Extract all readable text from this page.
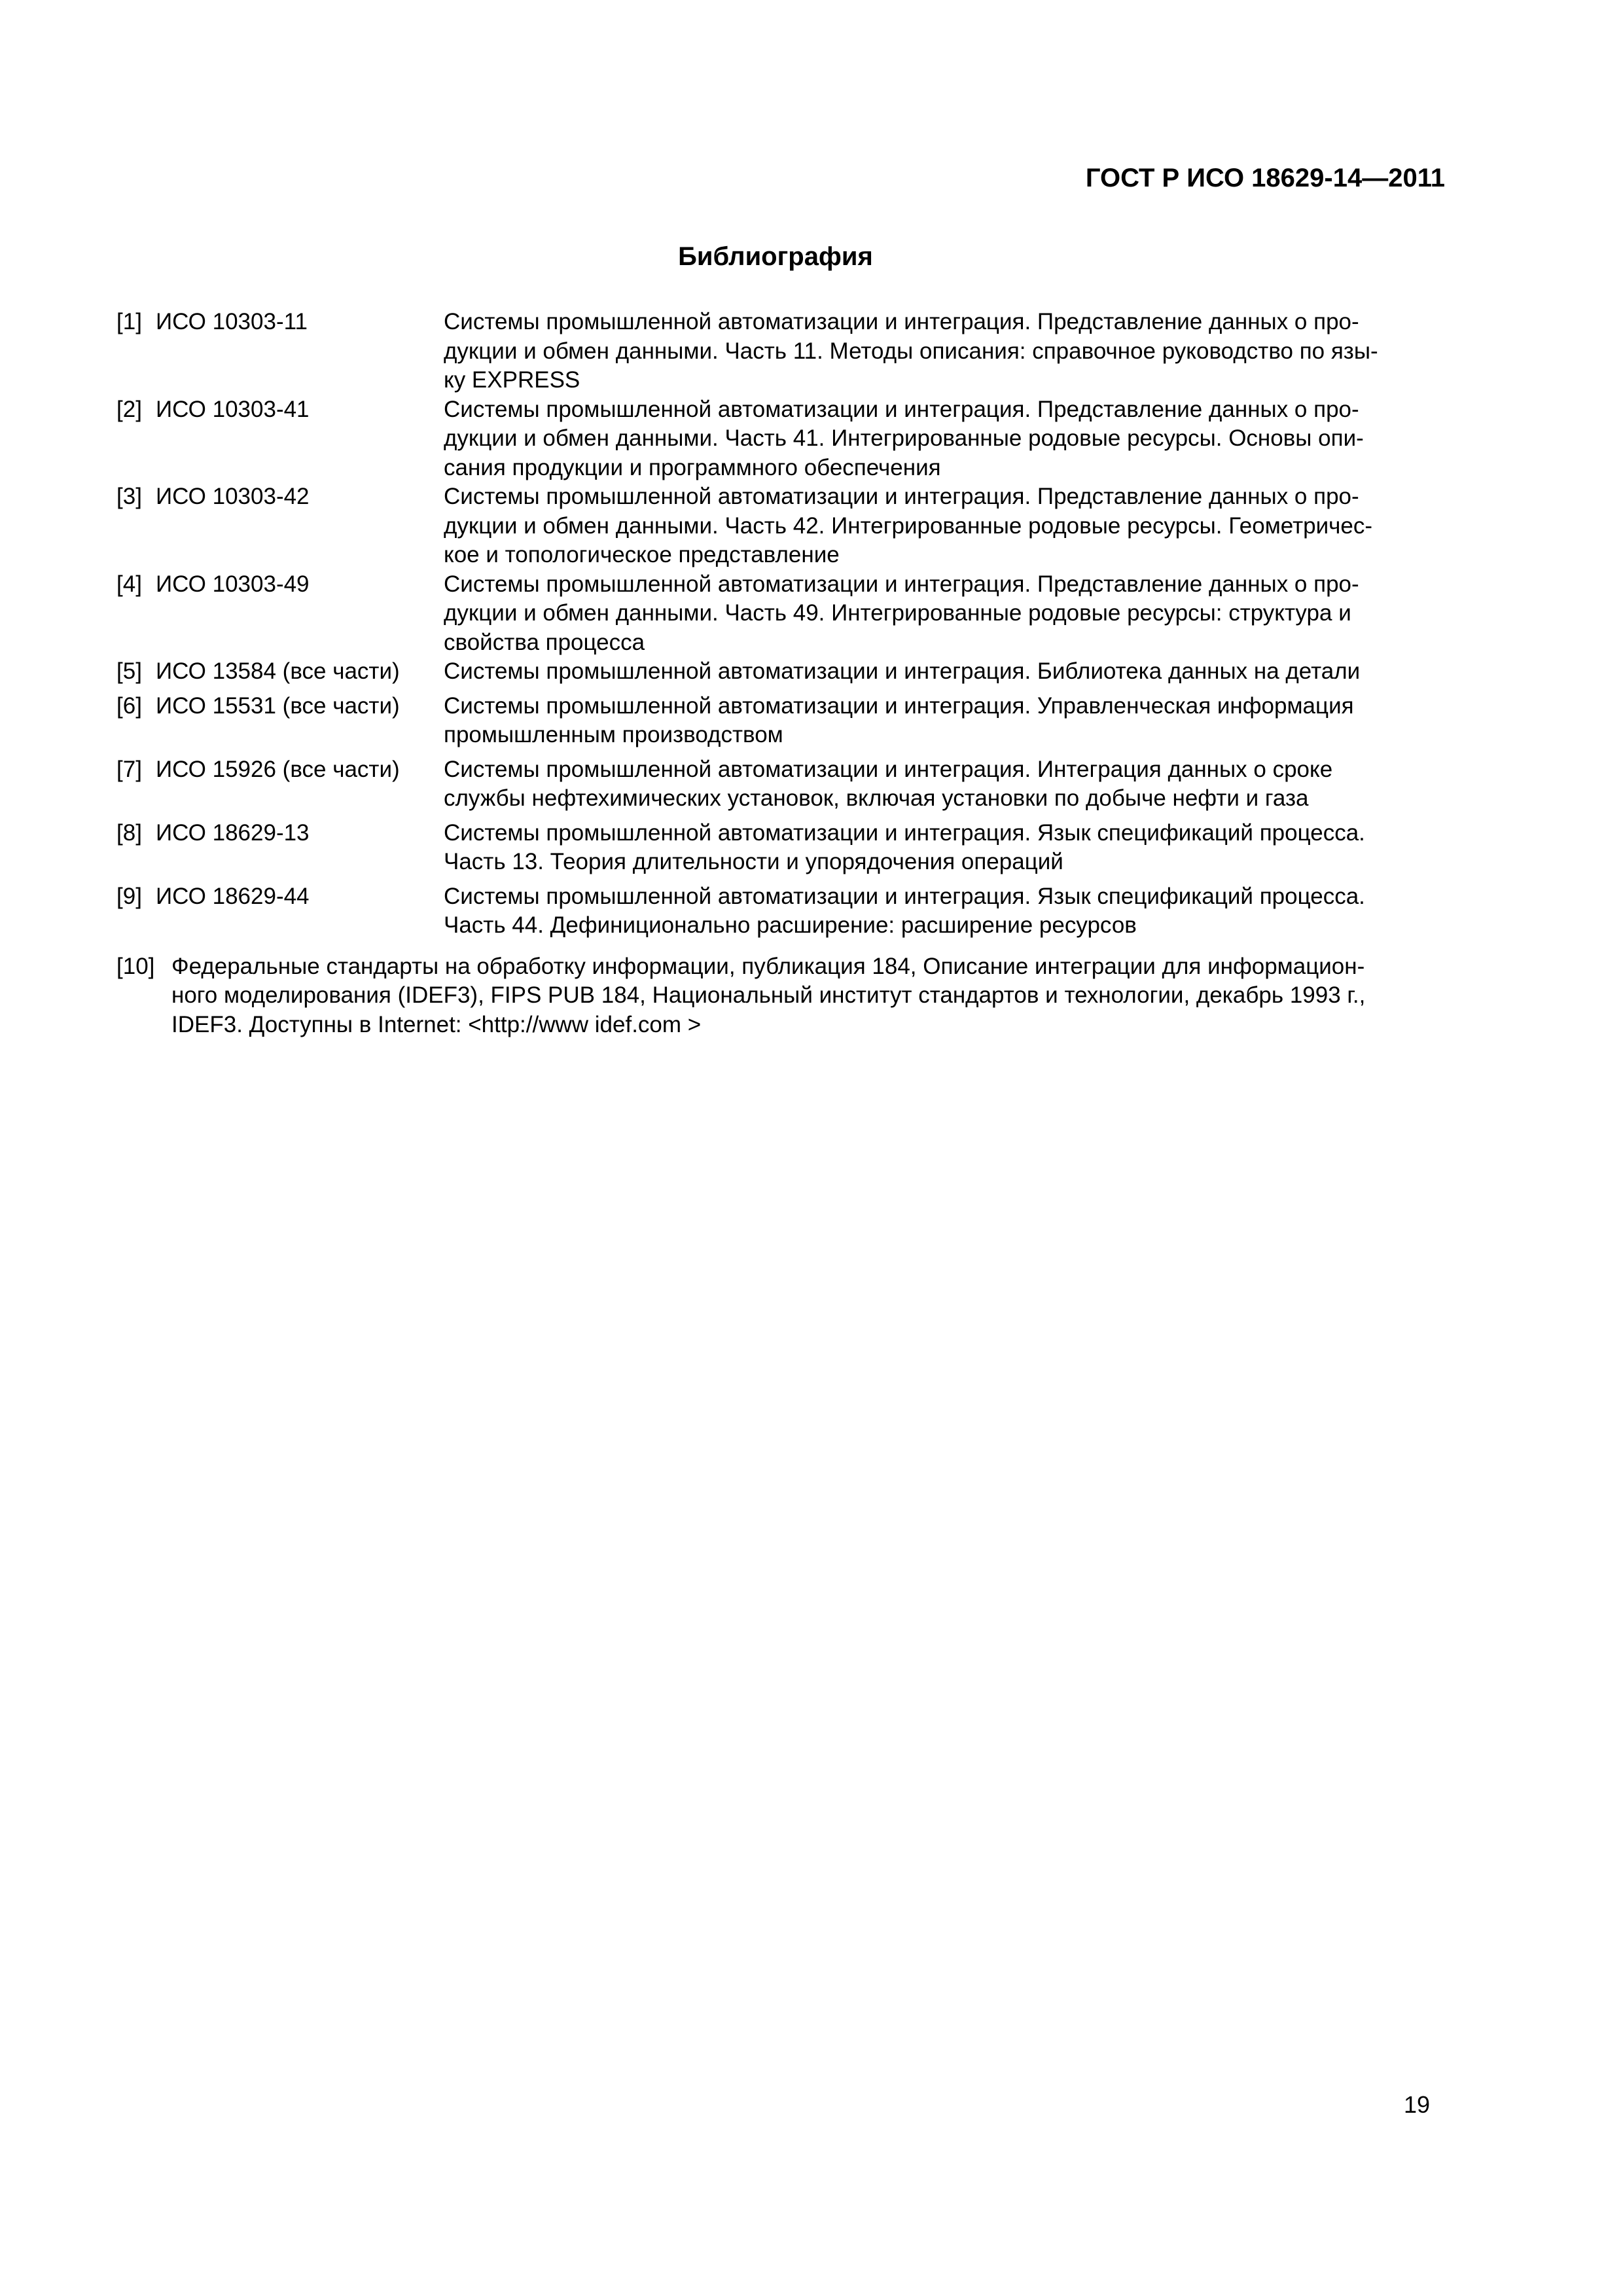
ГОСТ Р ИСО 18629-14—2011
Библиография
[1] ИСО 10303-11	Системы промышленной автоматизации и интеграция. Представление данных о про-
дукции и обмен данными. Часть 11. Методы описания: справочное руководство по язы-
ку EXPRESS
[2] ИСО 10303-41	Системы промышленной автоматизации и интеграция. Представление данных о про-
дукции и обмен данными. Часть 41. Интегрированные родовые ресурсы. Основы опи-
сания продукции и программного обеспечения
[3] ИСО 10303-42	Системы промышленной автоматизации и интеграция. Представление данных о про-
дукции и обмен данными. Часть 42. Интегрированные родовые ресурсы. Геометричес-
кое и топологическое представление
[4] ИСО 10303-49	Системы промышленной автоматизации и интеграция. Представление данных о про-
дукции и обмен данными. Часть 49. Интегрированные родовые ресурсы: структура и
свойства процесса
[5] ИСО 13584 (все части)	Системы промышленной автоматизации и интеграция. Библиотека данных на детали
[6] ИСО 15531 (все части)	Системы промышленной автоматизации и интеграция. Управленческая информация
промышленным производством
[7] ИСО 15926 (все части)	Системы промышленной автоматизации и интеграция. Интеграция данных о сроке
службы нефтехимических установок, включая установки по добыче нефти и газа
[8] ИСО 18629-13	Системы промышленной автоматизации и интеграция. Язык спецификаций процесса.
Часть 13. Теория длительности и упорядочения операций
[9] ИСО 18629-44	Системы промышленной автоматизации и интеграция. Язык спецификаций процесса.
Часть 44. Дефиниционально расширение: расширение ресурсов
[10] Федеральные стандарты на обработку информации, публикация 184, Описание интеграции для информацион-
ного моделирования (IDEF3), FIPS PUB 184, Национальный институт стандартов и технологии, декабрь 1993 г.,
IDEF3. Доступны в Internet: <http://www idef.com >
19
